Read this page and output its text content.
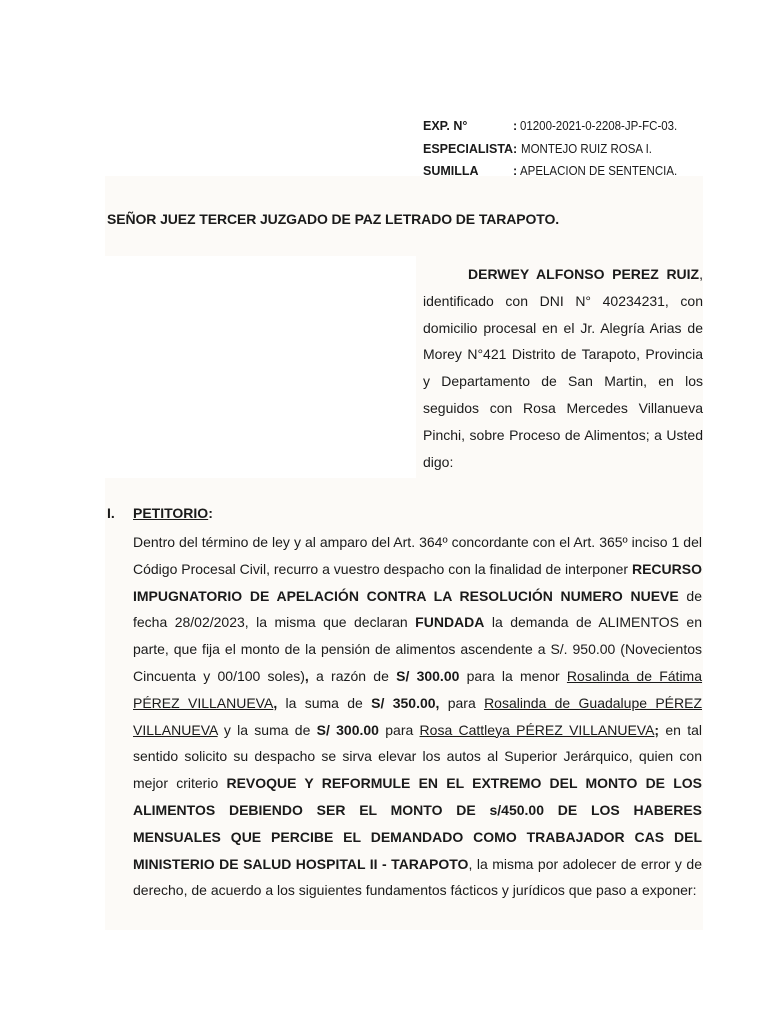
EXP. N°	: 01200-2021-0-2208-JP-FC-03.
ESPECIALISTA: MONTEJO RUIZ ROSA I.
SUMILLA	: APELACION DE SENTENCIA.
SEÑOR JUEZ TERCER JUZGADO DE PAZ LETRADO DE TARAPOTO.
DERWEY ALFONSO PEREZ RUIZ, identificado con DNI N° 40234231, con domicilio procesal en el Jr. Alegría Arias de Morey N°421 Distrito de Tarapoto, Provincia y Departamento de San Martin, en los seguidos con Rosa Mercedes Villanueva Pinchi, sobre Proceso de Alimentos; a Usted digo:
I. PETITORIO:
Dentro del término de ley y al amparo del Art. 364º concordante con el Art. 365º inciso 1 del Código Procesal Civil, recurro a vuestro despacho con la finalidad de interponer RECURSO IMPUGNATORIO DE APELACIÓN CONTRA LA RESOLUCIÓN NUMERO NUEVE de fecha 28/02/2023, la misma que declaran FUNDADA la demanda de ALIMENTOS en parte, que fija el monto de la pensión de alimentos ascendente a S/. 950.00 (Novecientos Cincuenta y 00/100 soles), a razón de S/ 300.00 para la menor Rosalinda de Fátima PÉREZ VILLANUEVA, la suma de S/ 350.00, para Rosalinda de Guadalupe PÉREZ VILLANUEVA y la suma de S/ 300.00 para Rosa Cattleya PÉREZ VILLANUEVA; en tal sentido solicito su despacho se sirva elevar los autos al Superior Jerárquico, quien con mejor criterio REVOQUE Y REFORMULE EN EL EXTREMO DEL MONTO DE LOS ALIMENTOS DEBIENDO SER EL MONTO DE s/450.00 DE LOS HABERES MENSUALES QUE PERCIBE EL DEMANDADO COMO TRABAJADOR CAS DEL MINISTERIO DE SALUD HOSPITAL II - TARAPOTO, la misma por adolecer de error y de derecho, de acuerdo a los siguientes fundamentos fácticos y jurídicos que paso a exponer:
